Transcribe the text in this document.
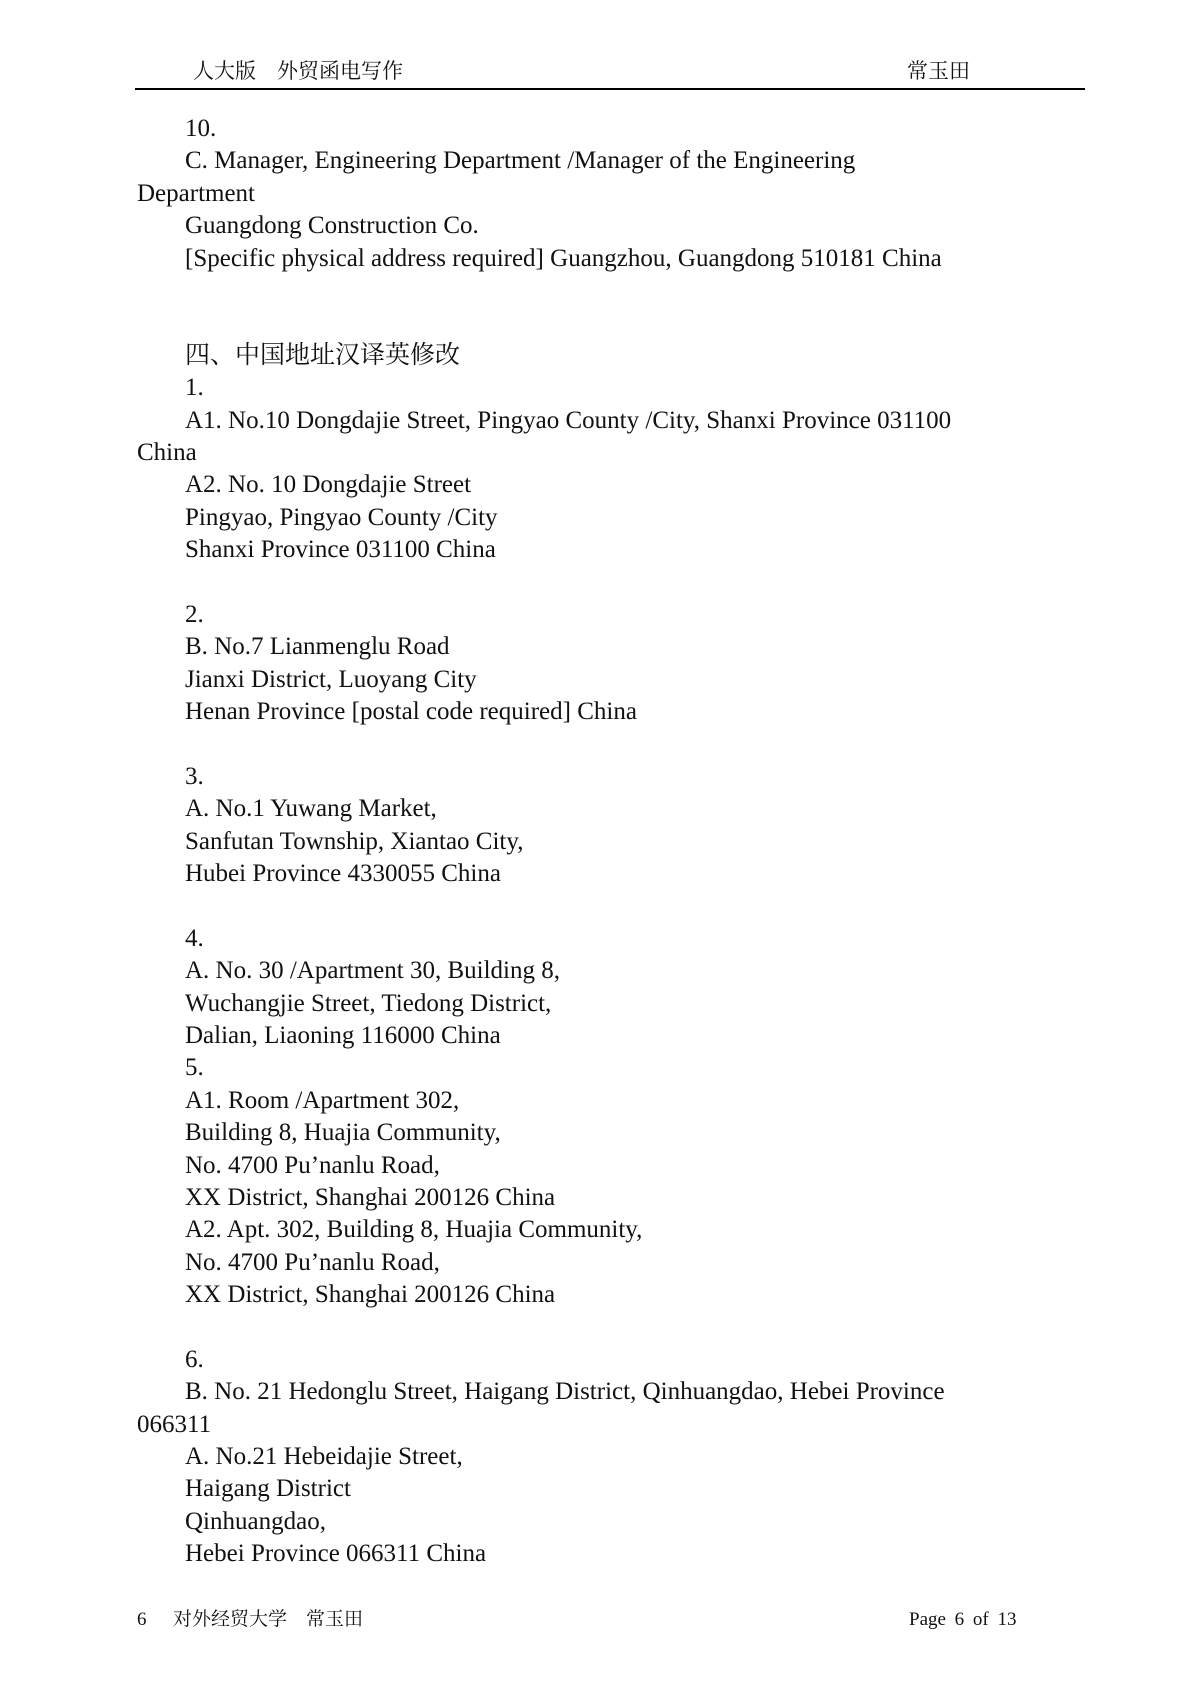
人大版　外贸函电写作	常玉田
10.
C. Manager, Engineering Department /Manager of the Engineering
Department
Guangdong Construction Co.
[Specific physical address required] Guangzhou, Guangdong 510181 China
四、中国地址汉译英修改
1.
A1. No.10 Dongdajie Street, Pingyao County /City, Shanxi Province 031100
China
A2. No. 10 Dongdajie Street
Pingyao, Pingyao County /City
Shanxi Province 031100 China
2.
B. No.7 Lianmenglu Road
Jianxi District, Luoyang City
Henan Province [postal code required] China
3.
A. No.1 Yuwang Market,
Sanfutan Township, Xiantao City,
Hubei Province 4330055 China
4.
A. No. 30 /Apartment 30, Building 8,
Wuchangjie Street, Tiedong District,
Dalian, Liaoning 116000 China
5.
A1. Room /Apartment 302,
Building 8, Huajia Community,
No. 4700 Pu’nanlu Road,
XX District, Shanghai 200126 China
A2. Apt. 302, Building 8, Huajia Community,
No. 4700 Pu’nanlu Road,
XX District, Shanghai 200126 China
6.
B. No. 21 Hedonglu Street, Haigang District, Qinhuangdao, Hebei Province
066311
A. No.21 Hebeidajie Street,
Haigang District
Qinhuangdao,
Hebei Province 066311 China
6 对外经贸大学　常玉田	Page 6 of 13
